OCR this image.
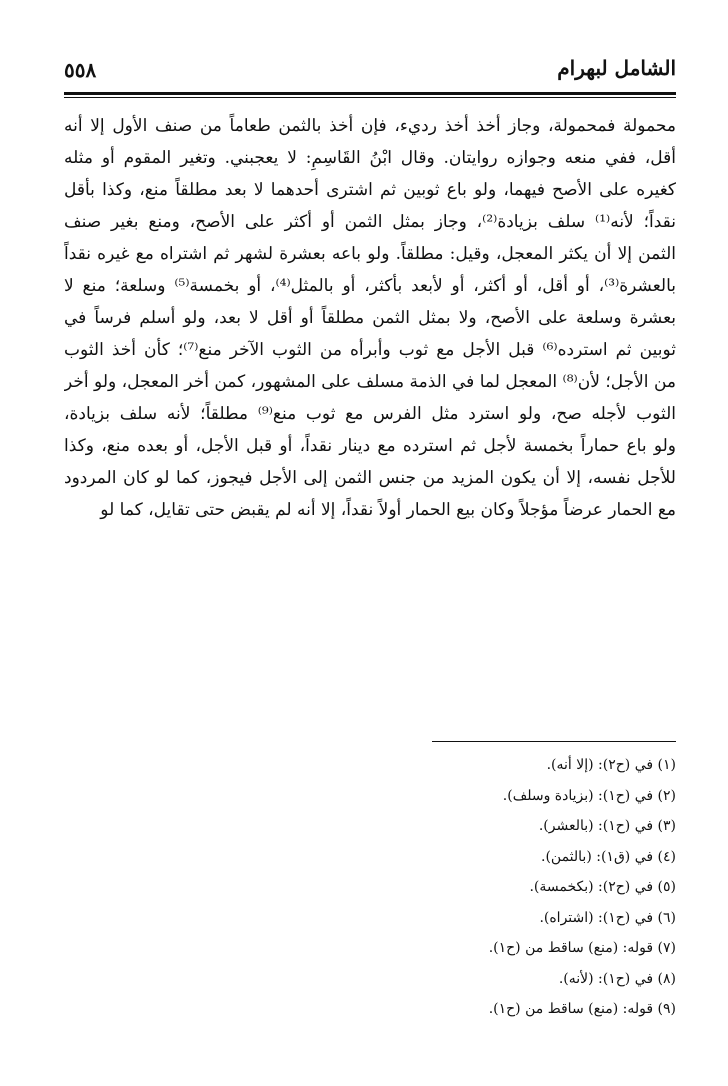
٥٥٨	الشامل لبهرام
محمولة فمحمولة، وجاز أخذ أخذ رديء، فإن أخذ بالثمن طعاماً من صنف الأول إلا أنه
أقل، ففي منعه وجوازه روايتان. وقال ابْنُ القَاسِمِ: لا يعجبني. وتغير المقوم أو مثله
كغيره على الأصح فيهما، ولو باع ثوبين ثم اشترى أحدهما لا بعد مطلقاً منع، وكذا بأقل
نقداً؛ لأنه⁽¹⁾ سلف بزيادة⁽²⁾، وجاز بمثل الثمن أو أكثر على الأصح، ومنع بغير صنف
الثمن إلا أن يكثر المعجل، وقيل: مطلقاً. ولو باعه بعشرة لشهر ثم اشتراه مع غيره نقداً
بالعشرة⁽³⁾، أو أقل، أو أكثر، أو لأبعد بأكثر، أو بالمثل⁽⁴⁾، أو بخمسة⁽⁵⁾ وسلعة؛ منع لا
بعشرة وسلعة على الأصح، ولا بمثل الثمن مطلقاً أو أقل لا بعد، ولو أسلم فرساً في
ثوبين ثم استرده⁽⁶⁾ قبل الأجل مع ثوب وأبرأه من الثوب الآخر منع⁽⁷⁾؛ كأن أخذ الثوب
من الأجل؛ لأن⁽⁸⁾ المعجل لما في الذمة مسلف على المشهور، كمن أخر المعجل، ولو أخر
الثوب لأجله صح، ولو استرد مثل الفرس مع ثوب منع⁽⁹⁾ مطلقاً؛ لأنه سلف بزيادة،
ولو باع حماراً بخمسة لأجل ثم استرده مع دينار نقداً، أو قبل الأجل، أو بعده منع، وكذا
للأجل نفسه، إلا أن يكون المزيد من جنس الثمن إلى الأجل فيجوز، كما لو كان المردود
مع الحمار عرضاً مؤجلاً وكان بيع الحمار أولاً نقداً، إلا أنه لم يقبض حتى تقايل، كما لو
(١) في (ح٢): (إلا أنه).
(٢) في (ح١): (بزيادة وسلف).
(٣) في (ح١): (بالعشر).
(٤) في (ق١): (بالثمن).
(٥) في (ح٢): (بكخمسة).
(٦) في (ح١): (اشتراه).
(٧) قوله: (منع) ساقط من (ح١).
(٨) في (ح١): (لأنه).
(٩) قوله: (منع) ساقط من (ح١).
